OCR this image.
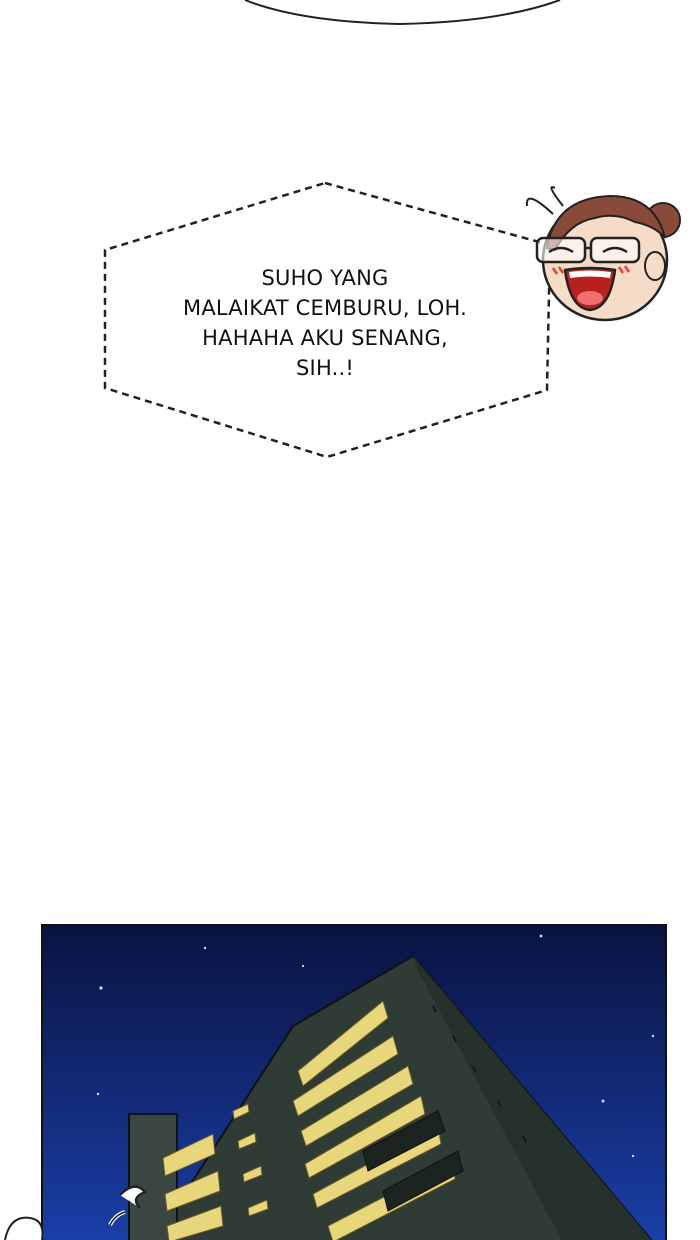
SUHO YANG
MALAIKAT CEMBURU, LOH.
HAHAHA AKU SENANG,
SIH..!
